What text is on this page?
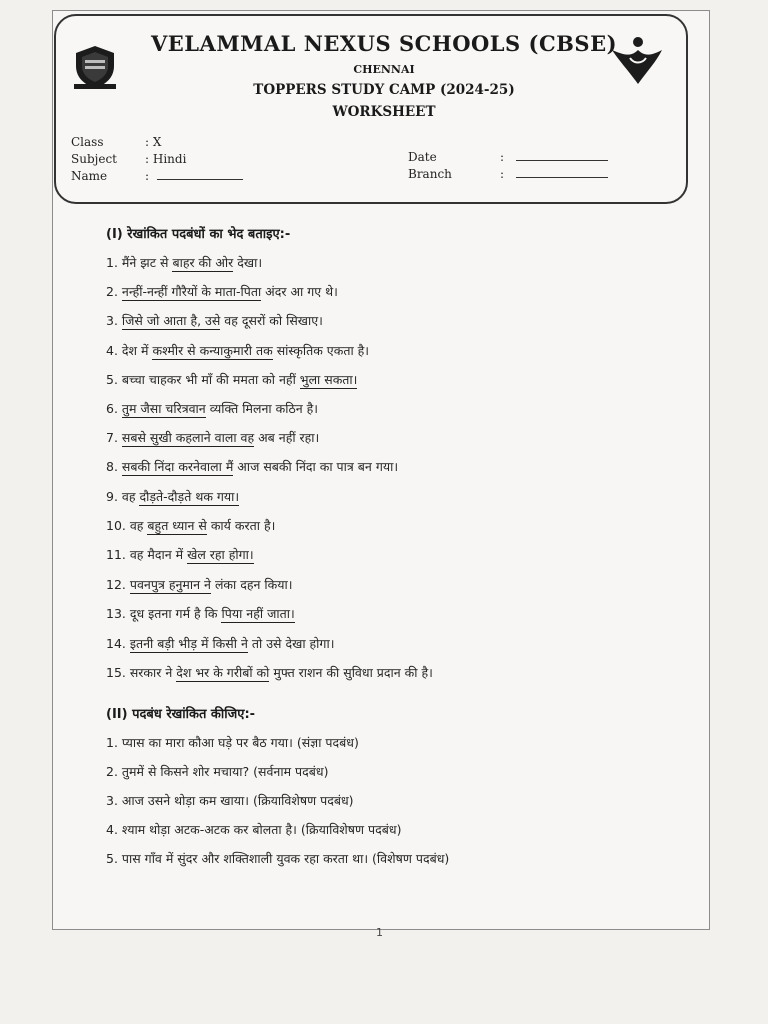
VELAMMAL NEXUS SCHOOLS (CBSE)
CHENNAI
TOPPERS STUDY CAMP (2024-25)
WORKSHEET
Class	: X
Subject : Hindi
Name	:
Date	:
Branch	:
(I) रेखांकित पदबंधों का भेद बताइए:-
1. मैंने झट से बाहर की ओर देखा।
2. नन्हीं-नन्हीं गौरैयों के माता-पिता अंदर आ गए थे।
3. जिसे जो आता है, उसे वह दूसरों को सिखाए।
4. देश में कश्मीर से कन्याकुमारी तक सांस्कृतिक एकता है।
5. बच्चा चाहकर भी माँ की ममता को नहीं भुला सकता।
6. तुम जैसा चरित्रवान व्यक्ति मिलना कठिन है।
7. सबसे सुखी कहलाने वाला वह अब नहीं रहा।
8. सबकी निंदा करनेवाला मैं आज सबकी निंदा का पात्र बन गया।
9. वह दौड़ते-दौड़ते थक गया।
10. वह बहुत ध्यान से कार्य करता है।
11. वह मैदान में खेल रहा होगा।
12. पवनपुत्र हनुमान ने लंका दहन किया।
13. दूध इतना गर्म है कि पिया नहीं जाता।
14. इतनी बड़ी भीड़ में किसी ने तो उसे देखा होगा।
15. सरकार ने देश भर के गरीबों को मुफ्त राशन की सुविधा प्रदान की है।
(II) पदबंध रेखांकित कीजिए:-
1. प्यास का मारा कौआ घड़े पर बैठ गया। (संज्ञा पदबंध)
2. तुममें से किसने शोर मचाया? (सर्वनाम पदबंध)
3. आज उसने थोड़ा कम खाया। (क्रियाविशेषण पदबंध)
4. श्याम थोड़ा अटक-अटक कर बोलता है। (क्रियाविशेषण पदबंध)
5. पास गाँव में सुंदर और शक्तिशाली युवक रहा करता था। (विशेषण पदबंध)
1
